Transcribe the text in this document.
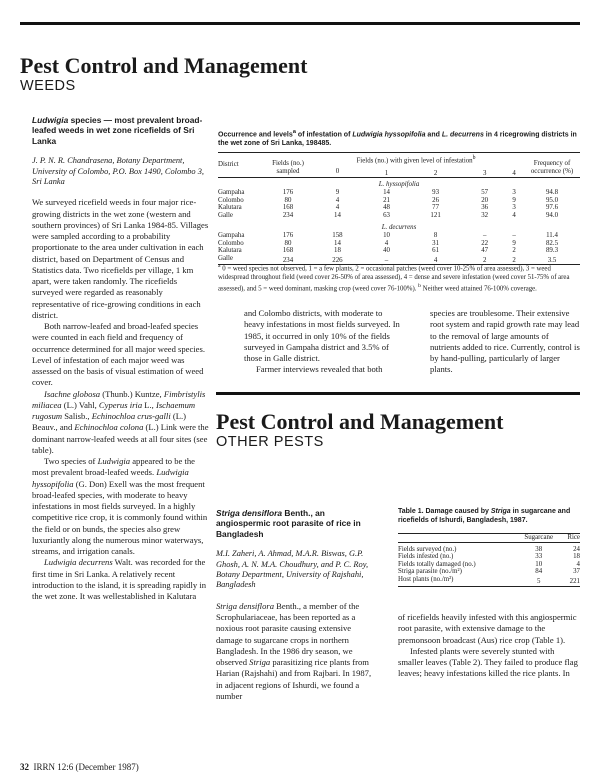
Pest Control and Management
WEEDS
Ludwigia species — most prevalent broad-leafed weeds in wet zone ricefields of Sri Lanka
J. P. N. R. Chandrasena, Botany Department, University of Colombo, P.O. Box 1490, Colombo 3, Sri Lanka

We surveyed ricefield weeds in four major rice-growing districts in the wet zone (western and southern provinces) of Sri Lanka 1984-85. Villages were sampled according to a probability proportionate to the area under cultivation in each district, based on Department of Census and Statistics data. Two ricefields per village, 1 km apart, were taken randomly. The ricefields surveyed were regarded as reasonably representative of rice-growing conditions in each district.

Both narrow-leafed and broad-leafed species were counted in each field and frequency of occurrence determined for all major weed species. Level of infestation of each major weed was assessed on the basis of visual estimation of weed cover.

Isachne globosa (Thunb.) Kuntze, Fimbristylis miliacea (L.) Vahl, Cyperus iria L., Ischaemum rugosum Salisb., Echinochloa crus-galli (L.) Beauv., and Echinochloa colona (L.) Link were the dominant narrow-leafed weeds at all four sites (see table).

Two species of Ludwigia appeared to be the most prevalent broad-leafed weeds. Ludwigia hyssopifolia (G. Don) Exell was the most frequent broad-leafed species, with moderate to heavy infestations in most fields surveyed. In a highly competitive rice crop, it is commonly found within the field or on bunds, the species also grew luxuriantly along the numerous minor waterways, streams, and irrigation canals.

Ludwigia decurrens Walt. was recorded for the first time in Sri Lanka. A relatively recent introduction to the island, it is spreading rapidly in the wet zone. It was wellestablished in Kalutara

Occurrence and levels$^a$ of infestation of Ludwigia hyssopifolia and L. decurrens in 4 ricegrowing districts in the wet zone of Sri Lanka, 198485.
District	Fields (no.) sampled	Fields (no.) with given level of infestation$^b$					Frequency of occurrence (%)
		0	1	2	3	4	
L. hyssopifolia							
Gampaha	176	9	14	93	57	3	94.8
Colombo	80	4	21	26	20	9	95.0
Kalutara	168	4	48	77	36	3	97.6
Galle	234	14	63	121	32	4	94.0
L. decurrens							
Gampaha	176	158	10	8	–	–	11.4
Colombo	80	14	4	31	22	9	82.5
Kalutara	168	18	40	61	47	2	89.3
Galle	234	226	–	4	2	2	3.5
$^a$ 0 = weed species not observed, 1 = a few plants, 2 = occasional patches (weed cover 10-25% of area assessed), 3 = weed widespread throughout field (weed cover 26-50% of area assessed), 4 = dense and severe infestation (weed cover 51-75% of area assessed), and 5 = weed dominant, masking crop (weed cover 76-100%). $^b$ Neither weed attained 76-100% coverage.

and Colombo districts, with moderate to heavy infestations in most fields surveyed. In 1985, it occurred in only 10% of the fields surveyed in Gampaha district and 3.5% of those in Galle district.

Farmer interviews revealed that both

species are troublesome. Their extensive root system and rapid growth rate may lead to the removal of large amounts of nutrients added to rice. Currently, control is by hand-pulling, particularly of larger plants.

Pest Control and Management
OTHER PESTS
Striga densiflora Benth., an angiospermic root parasite of rice in Bangladesh
M.I. Zaheri, A. Ahmad, M.A.R. Biswas, G.P. Ghosh, A. N. M.A. Choudhury, and P. C. Roy, Botany Department, University of Rajshahi, Bangladesh

Striga densiflora Benth., a member of the Scrophulariaceae, has been reported as a noxious root parasite causing extensive damage to sugarcane crops in northern Bangladesh. In the 1986 dry season, we observed Striga parasitizing rice plants from Harian (Rajshahi) and from Rajbari. In 1987, in adjacent regions of Ishurdi, we found a number

Table 1. Damage caused by Striga in sugarcane and ricefields of Ishurdi, Bangladesh, 1987.
	Sugarcane	Rice
Fields surveyed (no.)	38	24
Fields infested (no.)	33	18
Fields totally damaged (no.)	10	4
Striga parasite (no./m²)	84	37
Host plants (no./m²)	5	221

of ricefields heavily infested with this angiospermic root parasite, with extensive damage to the premonsoon broadcast (Aus) rice crop (Table 1).

Infested plants were severely stunted with smaller leaves (Table 2). They failed to produce flag leaves; heavy infestations killed the rice plants. In

32 IRRN 12:6 (December 1987)
